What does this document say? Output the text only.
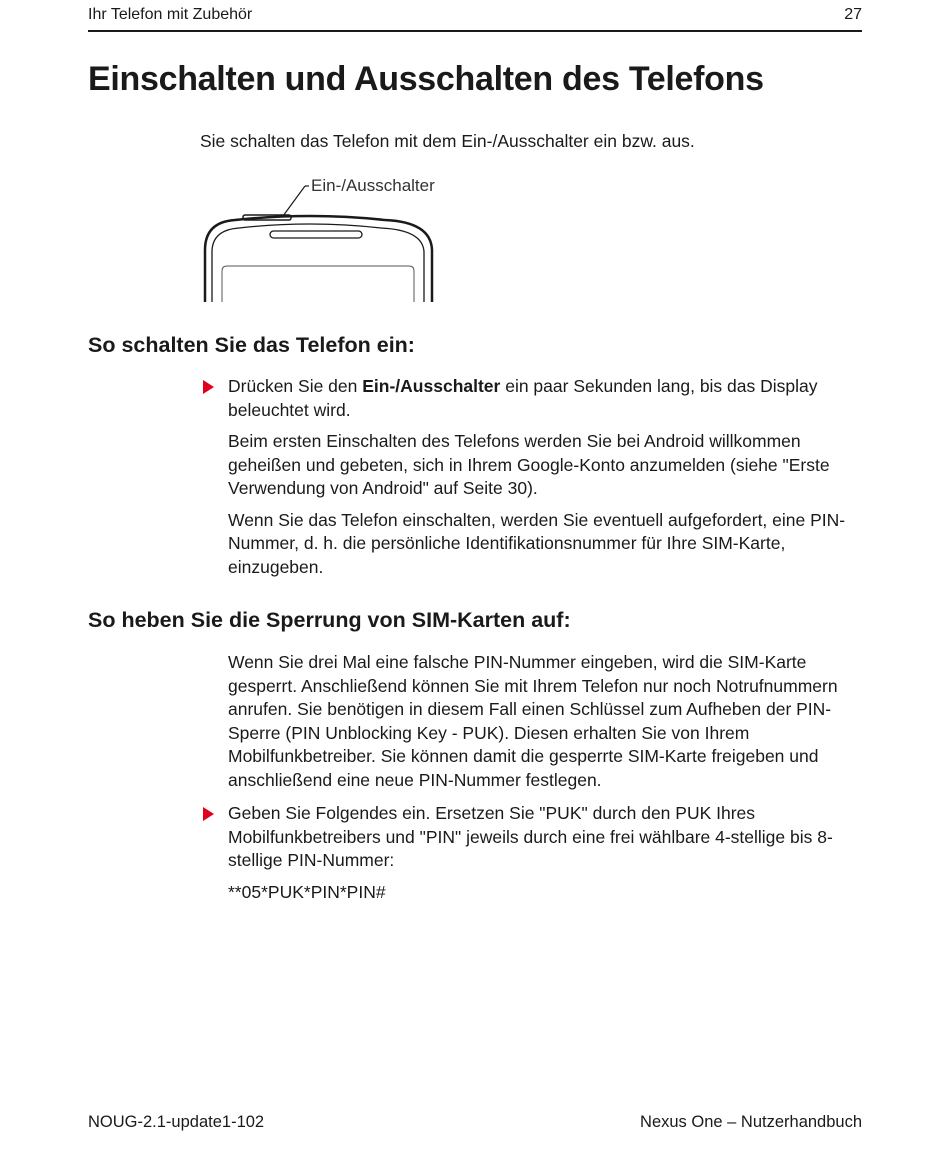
Ihr Telefon mit Zubehör	27
Einschalten und Ausschalten des Telefons

Sie schalten das Telefon mit dem Ein-/Ausschalter ein bzw. aus.

Ein-/Ausschalter
So schalten Sie das Telefon ein:

Drücken Sie den Ein-/Ausschalter ein paar Sekunden lang, bis das Display beleuchtet wird.

Beim ersten Einschalten des Telefons werden Sie bei Android willkommen geheißen und gebeten, sich in Ihrem Google-Konto anzumelden (siehe "Erste Verwendung von Android" auf Seite 30).

Wenn Sie das Telefon einschalten, werden Sie eventuell aufgefordert, eine PIN-Nummer, d. h. die persönliche Identifikationsnummer für Ihre SIM-Karte, einzugeben.

So heben Sie die Sperrung von SIM-Karten auf:

Wenn Sie drei Mal eine falsche PIN-Nummer eingeben, wird die SIM-Karte gesperrt. Anschließend können Sie mit Ihrem Telefon nur noch Notrufnummern anrufen. Sie benötigen in diesem Fall einen Schlüssel zum Aufheben der PIN-Sperre (PIN Unblocking Key - PUK). Diesen erhalten Sie von Ihrem Mobilfunkbetreiber. Sie können damit die gesperrte SIM-Karte freigeben und anschließend eine neue PIN-Nummer festlegen.

Geben Sie Folgendes ein. Ersetzen Sie "PUK" durch den PUK Ihres Mobilfunkbetreibers und "PIN" jeweils durch eine frei wählbare 4-stellige bis 8-stellige PIN-Nummer:

**05*PUK*PIN*PIN#

NOUG-2.1-update1-102	Nexus One – Nutzerhandbuch
